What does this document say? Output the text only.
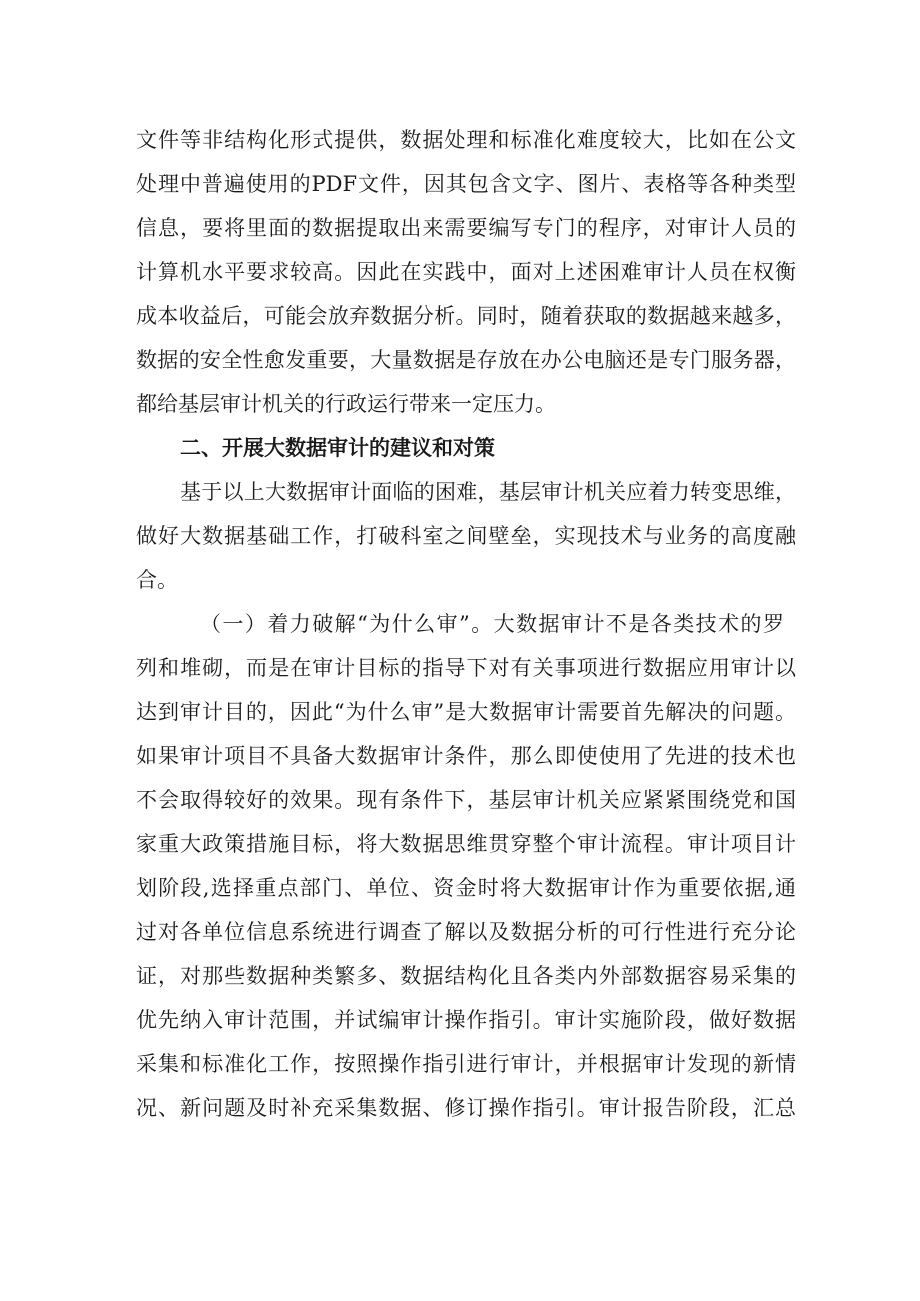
文件等非结构化形式提供，数据处理和标准化难度较大，比如在公文
处理中普遍使用的PDF文件，因其包含文字、图片、表格等各种类型
信息，要将里面的数据提取出来需要编写专门的程序，对审计人员的
计算机水平要求较高。因此在实践中，面对上述困难审计人员在权衡
成本收益后，可能会放弃数据分析。同时，随着获取的数据越来越多，
数据的安全性愈发重要，大量数据是存放在办公电脑还是专门服务器，
都给基层审计机关的行政运行带来一定压力。
二、开展大数据审计的建议和对策
基于以上大数据审计面临的困难，基层审计机关应着力转变思维，
做好大数据基础工作，打破科室之间壁垒，实现技术与业务的高度融
合。
（一）着力破解“为什么审”。大数据审计不是各类技术的罗
列和堆砌，而是在审计目标的指导下对有关事项进行数据应用审计以
达到审计目的，因此“为什么审”是大数据审计需要首先解决的问题。
如果审计项目不具备大数据审计条件，那么即使使用了先进的技术也
不会取得较好的效果。现有条件下，基层审计机关应紧紧围绕党和国
家重大政策措施目标，将大数据思维贯穿整个审计流程。审计项目计
划阶段,选择重点部门、单位、资金时将大数据审计作为重要依据,通
过对各单位信息系统进行调查了解以及数据分析的可行性进行充分论
证，对那些数据种类繁多、数据结构化且各类内外部数据容易采集的
优先纳入审计范围，并试编审计操作指引。审计实施阶段，做好数据
采集和标准化工作，按照操作指引进行审计，并根据审计发现的新情
况、新问题及时补充采集数据、修订操作指引。审计报告阶段，汇总
